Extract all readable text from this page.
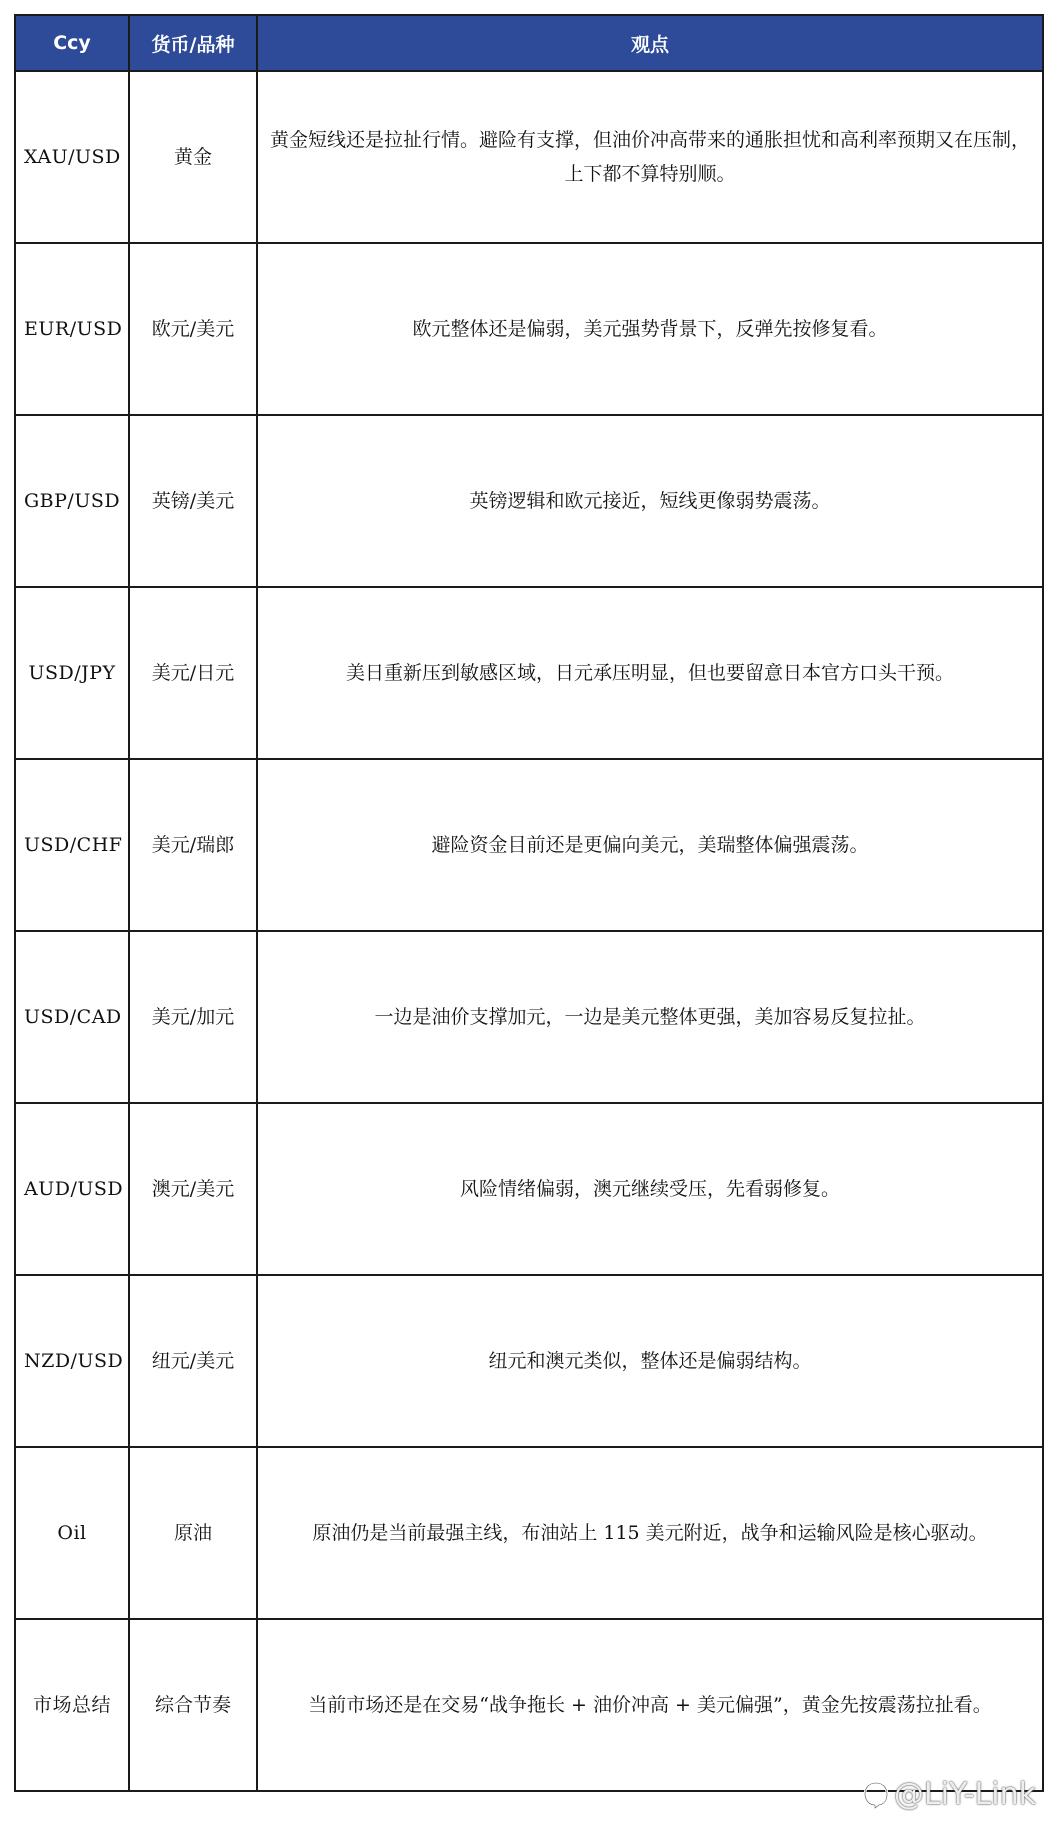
Ccy	货币/品种	观点
XAU/USD	黄金	黄金短线还是拉扯行情。避险有支撑，但油价冲高带来的通胀担忧和高利率预期又在压制，上下都不算特别顺。
EUR/USD	欧元/美元	欧元整体还是偏弱，美元强势背景下，反弹先按修复看。
GBP/USD	英镑/美元	英镑逻辑和欧元接近，短线更像弱势震荡。
USD/JPY	美元/日元	美日重新压到敏感区域，日元承压明显，但也要留意日本官方口头干预。
USD/CHF	美元/瑞郎	避险资金目前还是更偏向美元，美瑞整体偏强震荡。
USD/CAD	美元/加元	一边是油价支撑加元，一边是美元整体更强，美加容易反复拉扯。
AUD/USD	澳元/美元	风险情绪偏弱，澳元继续受压，先看弱修复。
NZD/USD	纽元/美元	纽元和澳元类似，整体还是偏弱结构。
Oil	原油	原油仍是当前最强主线，布油站上 115 美元附近，战争和运输风险是核心驱动。
市场总结	综合节奏	当前市场还是在交易“战争拖长 + 油价冲高 + 美元偏强”，黄金先按震荡拉扯看。
@LiY-Link
